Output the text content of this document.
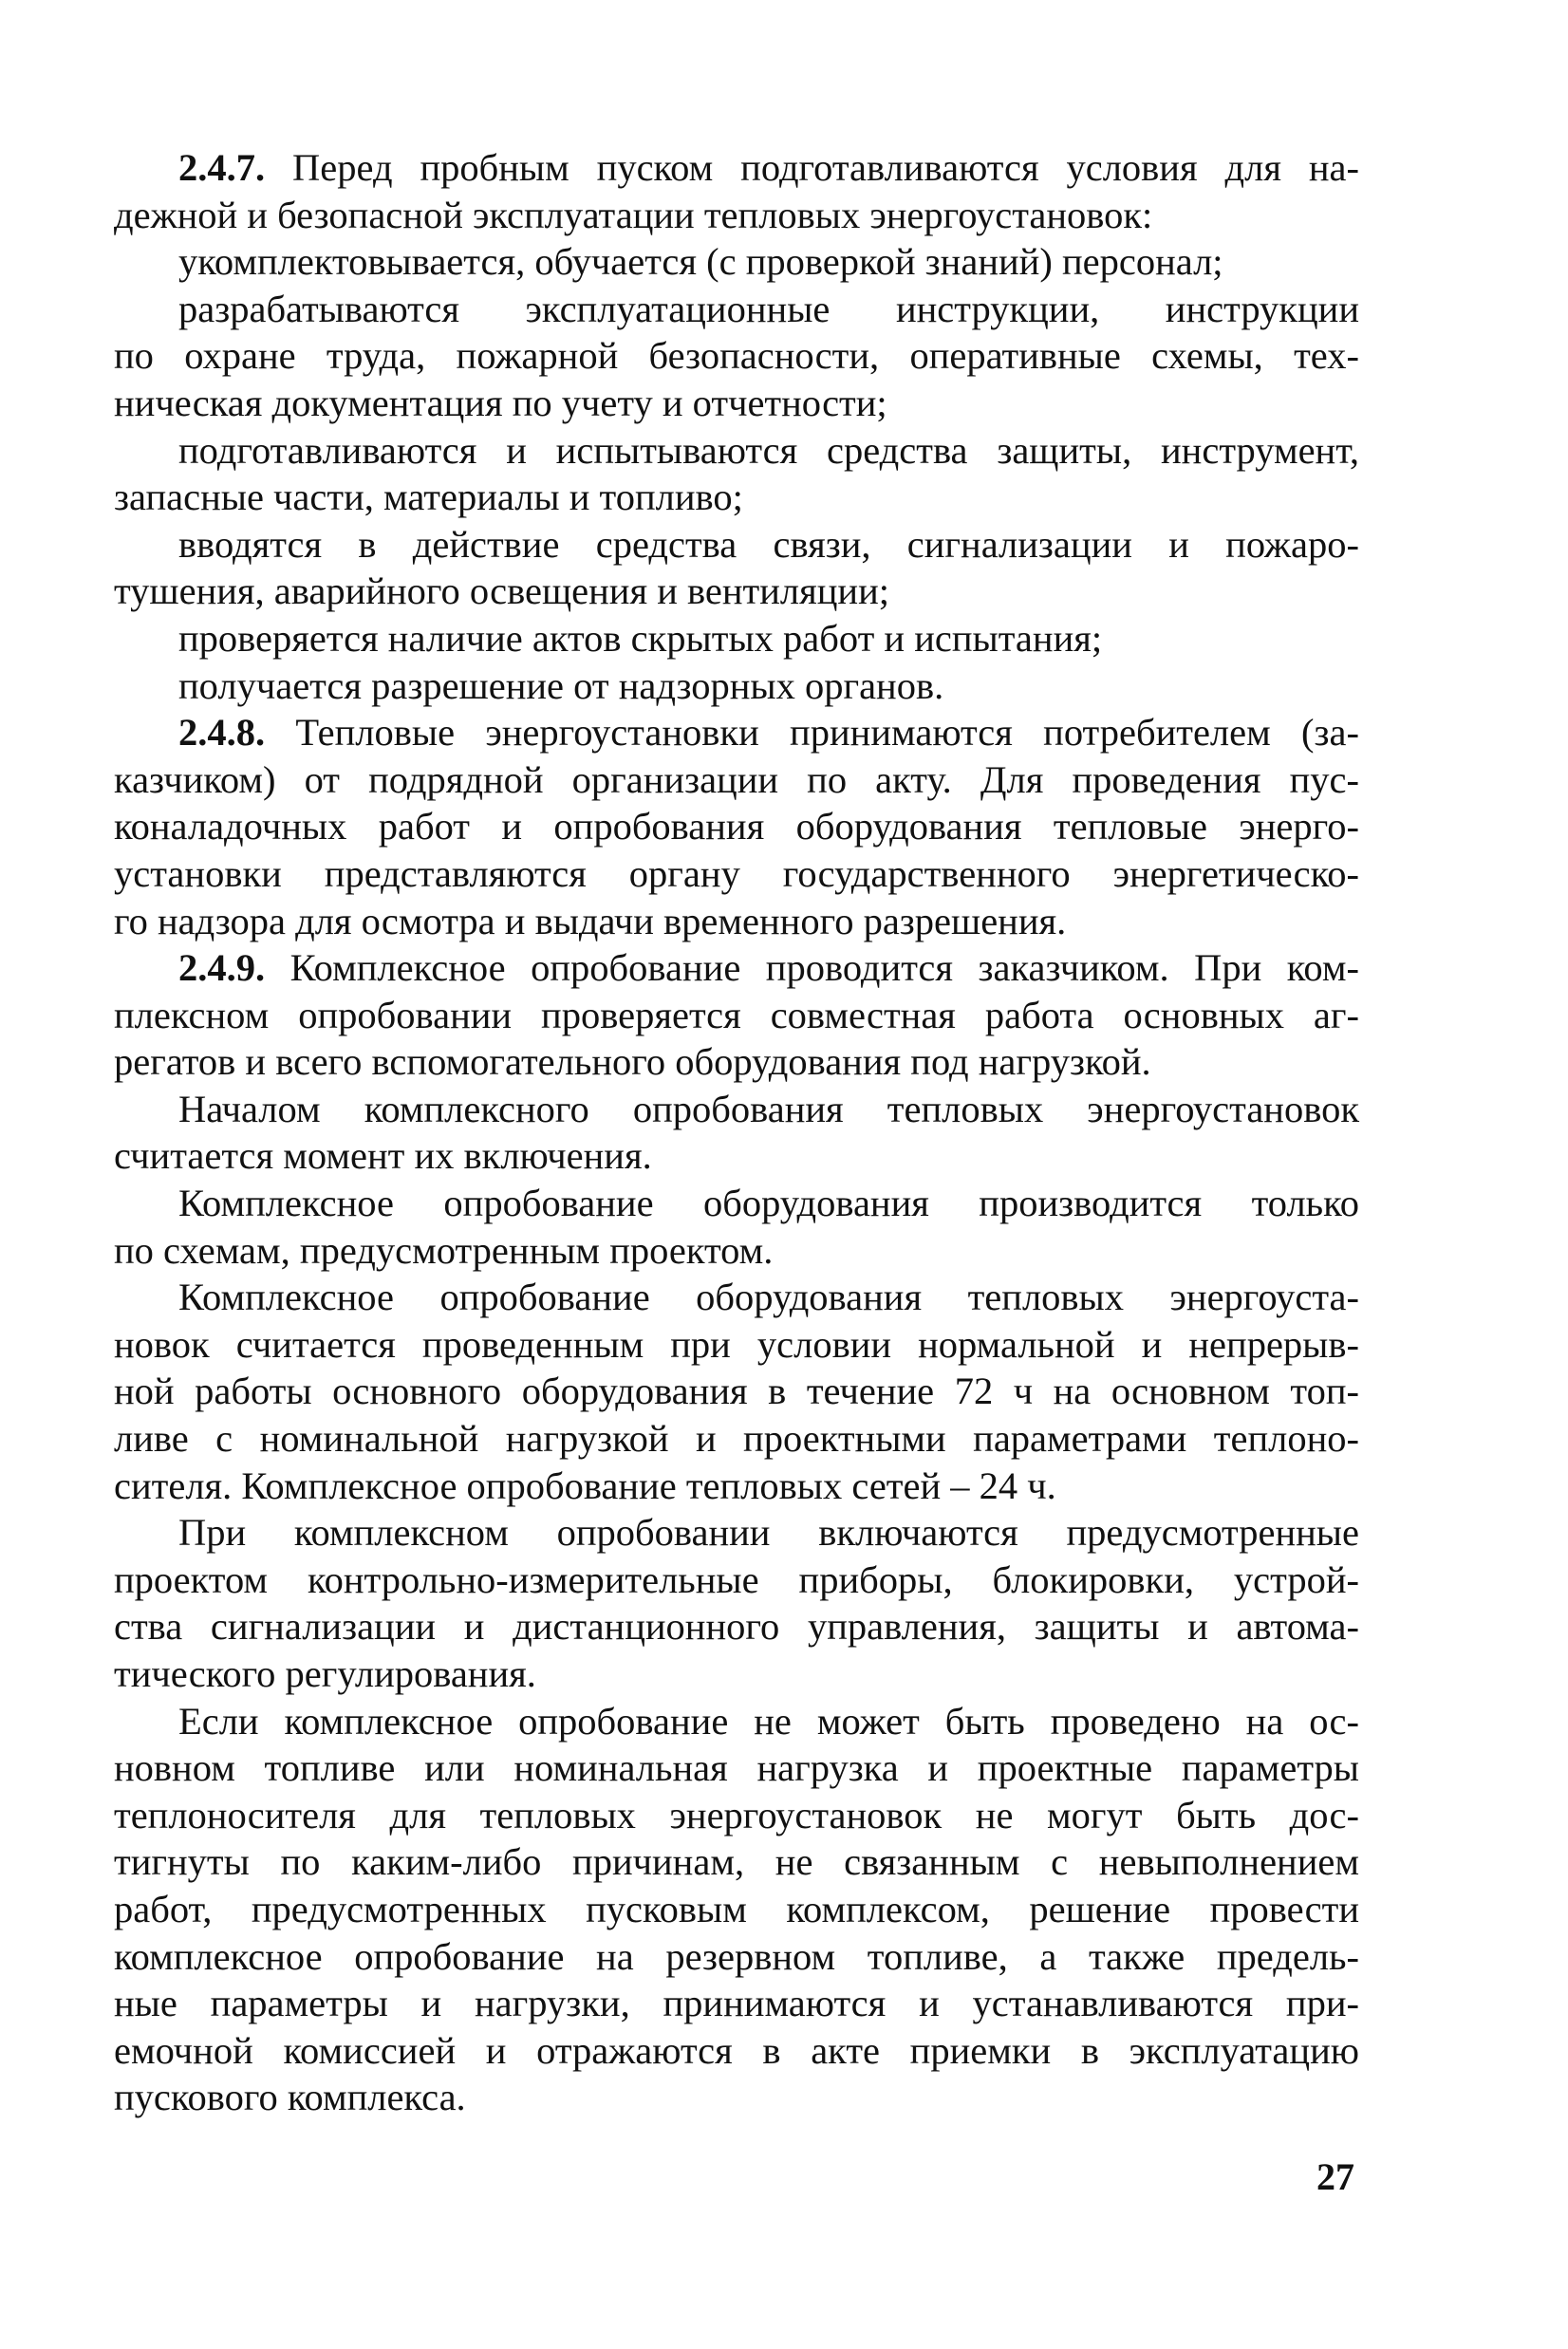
2.4.7. Перед пробным пуском подготавливаются условия для на-
дежной и безопасной эксплуатации тепловых энергоустановок:
укомплектовывается, обучается (с проверкой знаний) персонал;
разрабатываются эксплуатационные инструкции, инструкции
по охране труда, пожарной безопасности, оперативные схемы, тех-
ническая документация по учету и отчетности;
подготавливаются и испытываются средства защиты, инструмент,
запасные части, материалы и топливо;
вводятся в действие средства связи, сигнализации и пожаро-
тушения, аварийного освещения и вентиляции;
проверяется наличие актов скрытых работ и испытания;
получается разрешение от надзорных органов.
2.4.8. Тепловые энергоустановки принимаются потребителем (за-
казчиком) от подрядной организации по акту. Для проведения пус-
коналадочных работ и опробования оборудования тепловые энерго-
установки представляются органу государственного энергетическо-
го надзора для осмотра и выдачи временного разрешения.
2.4.9. Комплексное опробование проводится заказчиком. При ком-
плексном опробовании проверяется совместная работа основных аг-
регатов и всего вспомогательного оборудования под нагрузкой.
Началом комплексного опробования тепловых энергоустановок
считается момент их включения.
Комплексное опробование оборудования производится только
по схемам, предусмотренным проектом.
Комплексное опробование оборудования тепловых энергоуста-
новок считается проведенным при условии нормальной и непрерыв-
ной работы основного оборудования в течение 72 ч на основном топ-
ливе с номинальной нагрузкой и проектными параметрами теплоно-
сителя. Комплексное опробование тепловых сетей – 24 ч.
При комплексном опробовании включаются предусмотренные
проектом контрольно-измерительные приборы, блокировки, устрой-
ства сигнализации и дистанционного управления, защиты и автома-
тического регулирования.
Если комплексное опробование не может быть проведено на ос-
новном топливе или номинальная нагрузка и проектные параметры
теплоносителя для тепловых энергоустановок не могут быть дос-
тигнуты по каким-либо причинам, не связанным с невыполнением
работ, предусмотренных пусковым комплексом, решение провести
комплексное опробование на резервном топливе, а также предель-
ные параметры и нагрузки, принимаются и устанавливаются при-
емочной комиссией и отражаются в акте приемки в эксплуатацию
пускового комплекса.
27
